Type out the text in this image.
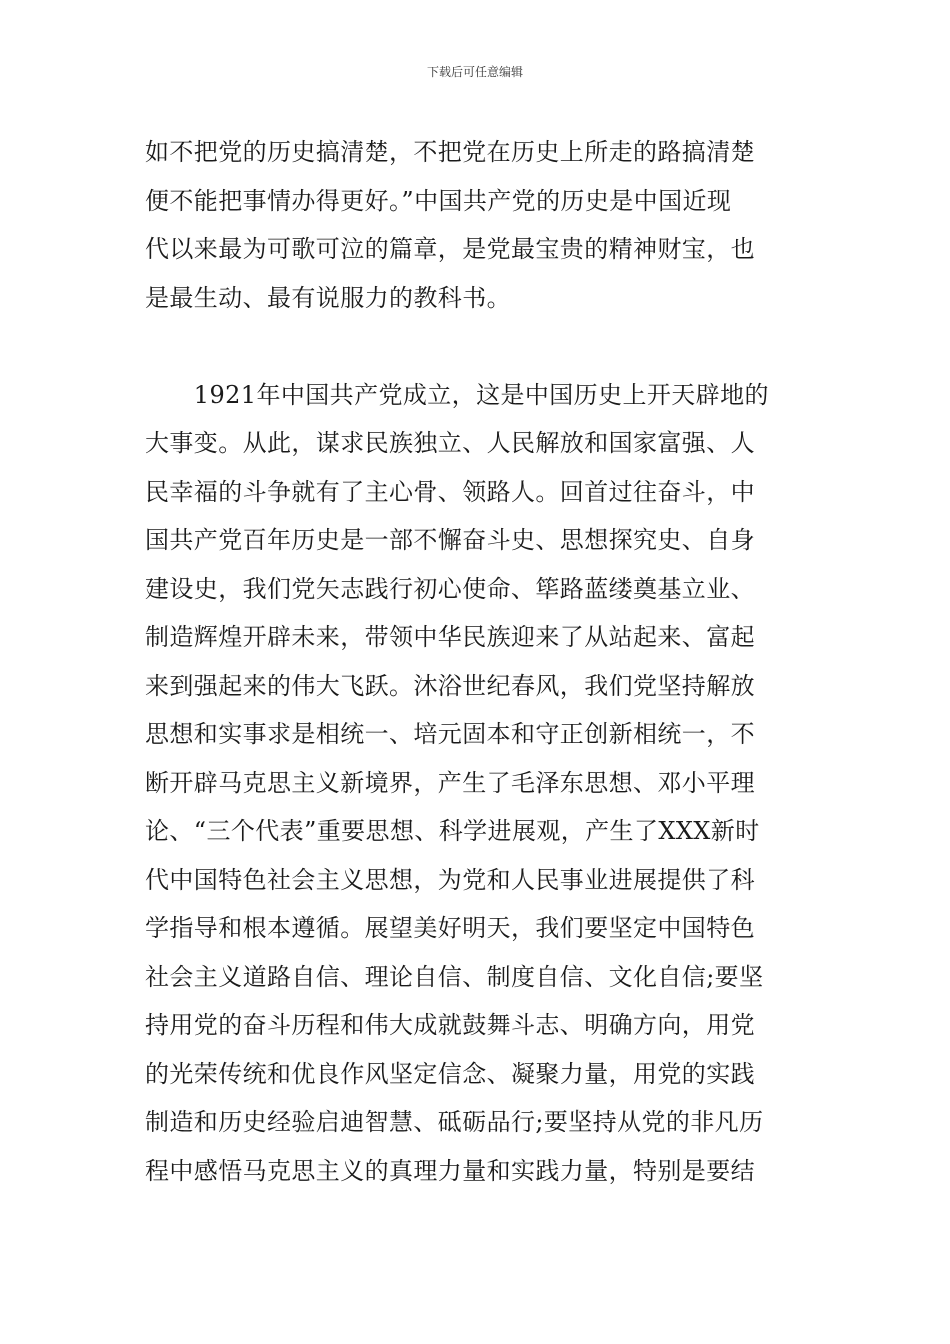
下载后可任意编辑
如不把党的历史搞清楚，不把党在历史上所走的路搞清楚
便不能把事情办得更好。”中国共产党的历史是中国近现
代以来最为可歌可泣的篇章，是党最宝贵的精神财宝，也
是最生动、最有说服力的教科书。
　　1921年中国共产党成立，这是中国历史上开天辟地的
大事变。从此，谋求民族独立、人民解放和国家富强、人
民幸福的斗争就有了主心骨、领路人。回首过往奋斗，中
国共产党百年历史是一部不懈奋斗史、思想探究史、自身
建设史，我们党矢志践行初心使命、筚路蓝缕奠基立业、
制造辉煌开辟未来，带领中华民族迎来了从站起来、富起
来到强起来的伟大飞跃。沐浴世纪春风，我们党坚持解放
思想和实事求是相统一、培元固本和守正创新相统一，不
断开辟马克思主义新境界，产生了毛泽东思想、邓小平理
论、“三个代表”重要思想、科学进展观，产生了XXX新时
代中国特色社会主义思想，为党和人民事业进展提供了科
学指导和根本遵循。展望美好明天，我们要坚定中国特色
社会主义道路自信、理论自信、制度自信、文化自信;要坚
持用党的奋斗历程和伟大成就鼓舞斗志、明确方向，用党
的光荣传统和优良作风坚定信念、凝聚力量，用党的实践
制造和历史经验启迪智慧、砥砺品行;要坚持从党的非凡历
程中感悟马克思主义的真理力量和实践力量，特别是要结
